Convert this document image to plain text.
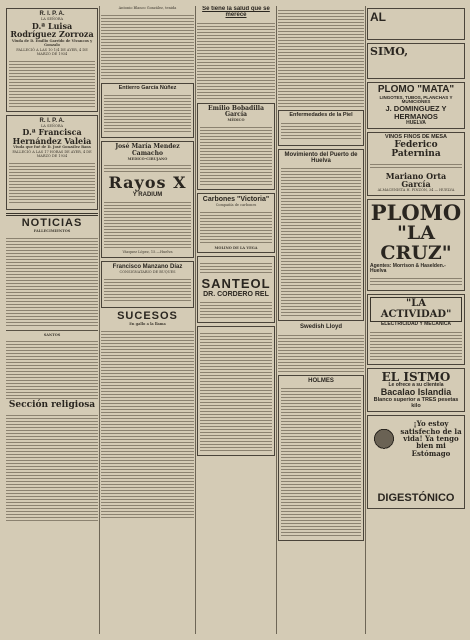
R. I. P. A.
LA SEÑORA
D.ª Luisa Rodríguez Zorroza
Viuda de D. Emilio Garrido de Vivancos y Gonzalo
FALLECIÓ A LAS 10 1/4 DE AYER, 4 DE MARZO DE 1934
R. I. P. A.
LA SEÑORA
D.ª Francisca Hernández Valeia
Viuda que fué de D. José González Bans
FALLECIÓ A LAS 17 HORAS DE AYER, 4 DE MARZO DE 1934
NOTICIAS
FALLECIMIENTOS
SANTOS
Sección religiosa
Antonio Blanco González, tenida
Entierro García Núñez
José María Mendez Camacho
MEDICO-CIRUJANO
Rayos X
Y RADIUM
Vázquez López, 15.—Huelva
Francisco Manzano Díaz
CONSIGNATARIO DE BUQUES
SUCESOS
En gallo a la llama
Se tiene la salud que se merece
Emilio Bobadilla García
MÉDICO
Carbones "Victoria"
Compañía de carbones
MOLINO DE LA VEGA
SANTEOL
DR. CORDERO REL
Enfermedades de la Piel
Movimiento del Puerto de Huelva
Swedish Lloyd
HOLMES
AL
SIMO,
PLOMO "MATA"
LINGOTES, TUBOS, PLANCHAS Y MUNICIONES
J. DOMINGUEZ Y HERMANOS
HUELVA
VINOS FINOS DE MESA
Federico Paternina
Mariano Orta García
ALMACENISTA H. PINZÓN, 34 — HUELVA
PLOMO
"LA CRUZ"
Agentes: Morrison & Haselden.-Huelva
"LA ACTIVIDAD"
ELECTRICIDAD Y MECANICA
EL ISTMO
Le ofrece a su clientela
Bacalao Islandia
Blanco superior a TRES pesetas kilo
¡Yo estoy satisfecho de la vida! Ya tengo bien mi Estómago
DIGESTÓNICO
